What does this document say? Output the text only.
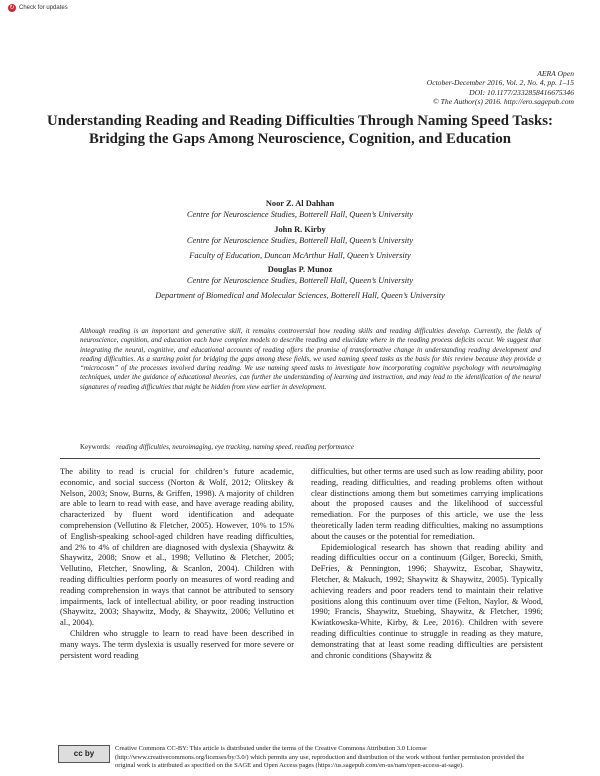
↻ Check for updates
AERA Open
October-December 2016, Vol. 2, No. 4, pp. 1–15
DOI: 10.1177/2332858416675346
© The Author(s) 2016. http://ero.sagepub.com
Understanding Reading and Reading Difficulties Through Naming Speed Tasks: Bridging the Gaps Among Neuroscience, Cognition, and Education
Noor Z. Al Dahhan
Centre for Neuroscience Studies, Botterell Hall, Queen’s University
John R. Kirby
Centre for Neuroscience Studies, Botterell Hall, Queen’s University
Faculty of Education, Duncan McArthur Hall, Queen’s University
Douglas P. Munoz
Centre for Neuroscience Studies, Botterell Hall, Queen’s University
Department of Biomedical and Molecular Sciences, Botterell Hall, Queen’s University
Although reading is an important and generative skill, it remains controversial how reading skills and reading difficulties develop. Currently, the fields of neuroscience, cognition, and education each have complex models to describe reading and elucidate where in the reading process deficits occur. We suggest that integrating the neural, cognitive, and educational accounts of reading offers the promise of transformative change in understanding reading development and reading difficulties. As a starting point for bridging the gaps among these fields, we used naming speed tasks as the basis for this review because they provide a “microcosm” of the processes involved during reading. We use naming speed tasks to investigate how incorporating cognitive psychology with neuroimaging techniques, under the guidance of educational theories, can further the understanding of learning and instruction, and may lead to the identification of the neural signatures of reading difficulties that might be hidden from view earlier in development.
Keywords: reading difficulties, neuroimaging, eye tracking, naming speed, reading performance

The ability to read is crucial for children’s future academic, economic, and social success (Norton & Wolf, 2012; Olitskey & Nelson, 2003; Snow, Burns, & Griffen, 1998). A majority of children are able to learn to read with ease, and have average reading ability, characterized by fluent word identification and adequate comprehension (Vellutino & Fletcher, 2005). However, 10% to 15% of English-speaking school-aged children have reading difficulties, and 2% to 4% of children are diagnosed with dyslexia (Shaywitz & Shaywitz, 2008; Snow et al., 1998; Vellutino & Fletcher, 2005; Vellutino, Fletcher, Snowling, & Scanlon, 2004). Children with reading difficulties perform poorly on measures of word reading and reading comprehension in ways that cannot be attributed to sensory impairments, lack of intellectual ability, or poor reading instruction (Shaywitz, 2003; Shaywitz, Mody, & Shaywitz, 2006; Vellutino et al., 2004).

Children who struggle to learn to read have been described in many ways. The term dyslexia is usually reserved for more severe or persistent word reading

difficulties, but other terms are used such as low reading ability, poor reading, reading difficulties, and reading problems often without clear distinctions among them but sometimes carrying implications about the proposed causes and the likelihood of successful remediation. For the purposes of this article, we use the less theoretically laden term reading difficulties, making no assumptions about the causes or the potential for remediation.

Epidemiological research has shown that reading ability and reading difficulties occur on a continuum (Gilger, Borecki, Smith, DeFries, & Pennington, 1996; Shaywitz, Escobar, Shaywitz, Fletcher, & Makuch, 1992; Shaywitz & Shaywitz, 2005). Typically achieving readers and poor readers tend to maintain their relative positions along this continuum over time (Felton, Naylor, & Wood, 1990; Francis, Shaywitz, Stuebing, Shaywitz, & Fletcher, 1996; Kwiatkowska-White, Kirby, & Lee, 2016). Children with severe reading difficulties continue to struggle in reading as they mature, demonstrating that at least some reading difficulties are persistent and chronic conditions (Shaywitz &

cc by
Creative Commons CC-BY: This article is distributed under the terms of the Creative Commons Attribution 3.0 License (http://www.creativecommons.org/licenses/by/3.0/) which permits any use, reproduction and distribution of the work without further permission provided the original work is attributed as specified on the SAGE and Open Access pages (https://us.sagepub.com/en-us/nam/open-access-at-sage).
